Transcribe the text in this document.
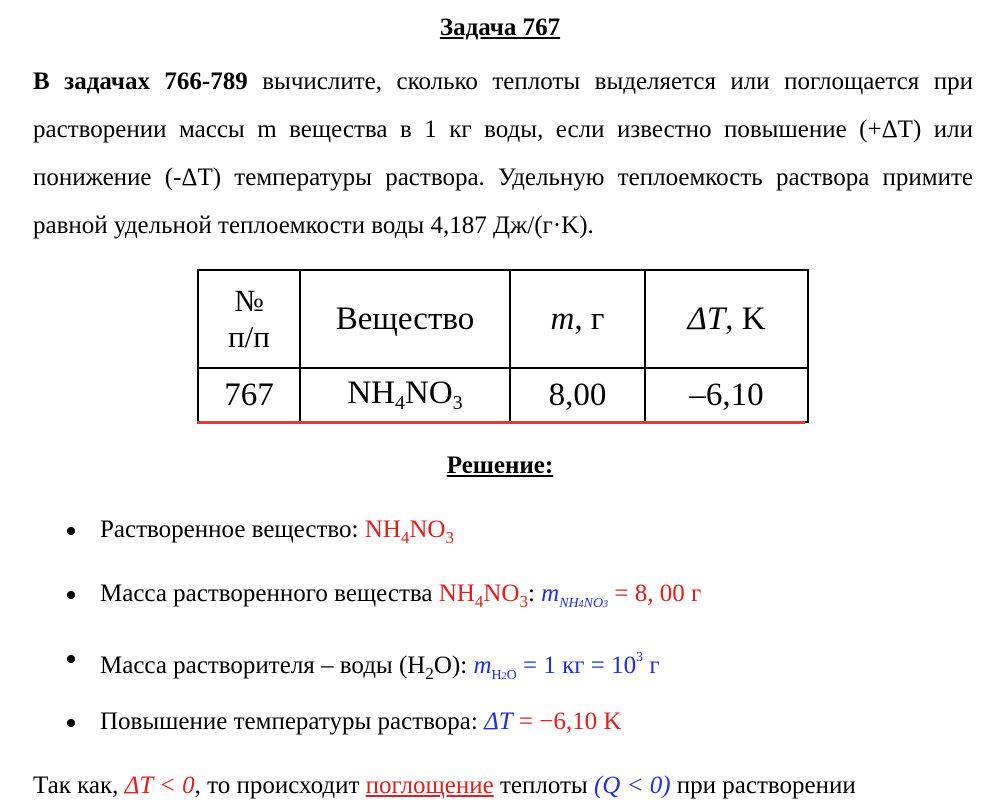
Задача 767
В задачах 766-789 вычислите, сколько теплоты выделяется или поглощается при растворении массы m вещества в 1 кг воды, если известно повышение (+ΔT) или понижение (-ΔT) температуры раствора. Удельную теплоемкость раствора примите равной удельной теплоемкости воды 4,187 Дж/(г·K).
№
п/п	Вещество	m, г	ΔT, K
767	NH4NO3	8,00	–6,10
Решение:
Растворенное вещество: $NH_4NO_3$
Масса растворенного вещества $NH_4NO_3$: $m_{NH4NO3} = 8$, 00 г
Масса растворителя – воды $(H_2O)$: $m_{H2O} = 1$ кг = $10^3$ г
Повышение температуры раствора: ΔT = −6,10 K
Так как, ΔT < 0, то происходит поглощение теплоты (Q < 0) при растворении
